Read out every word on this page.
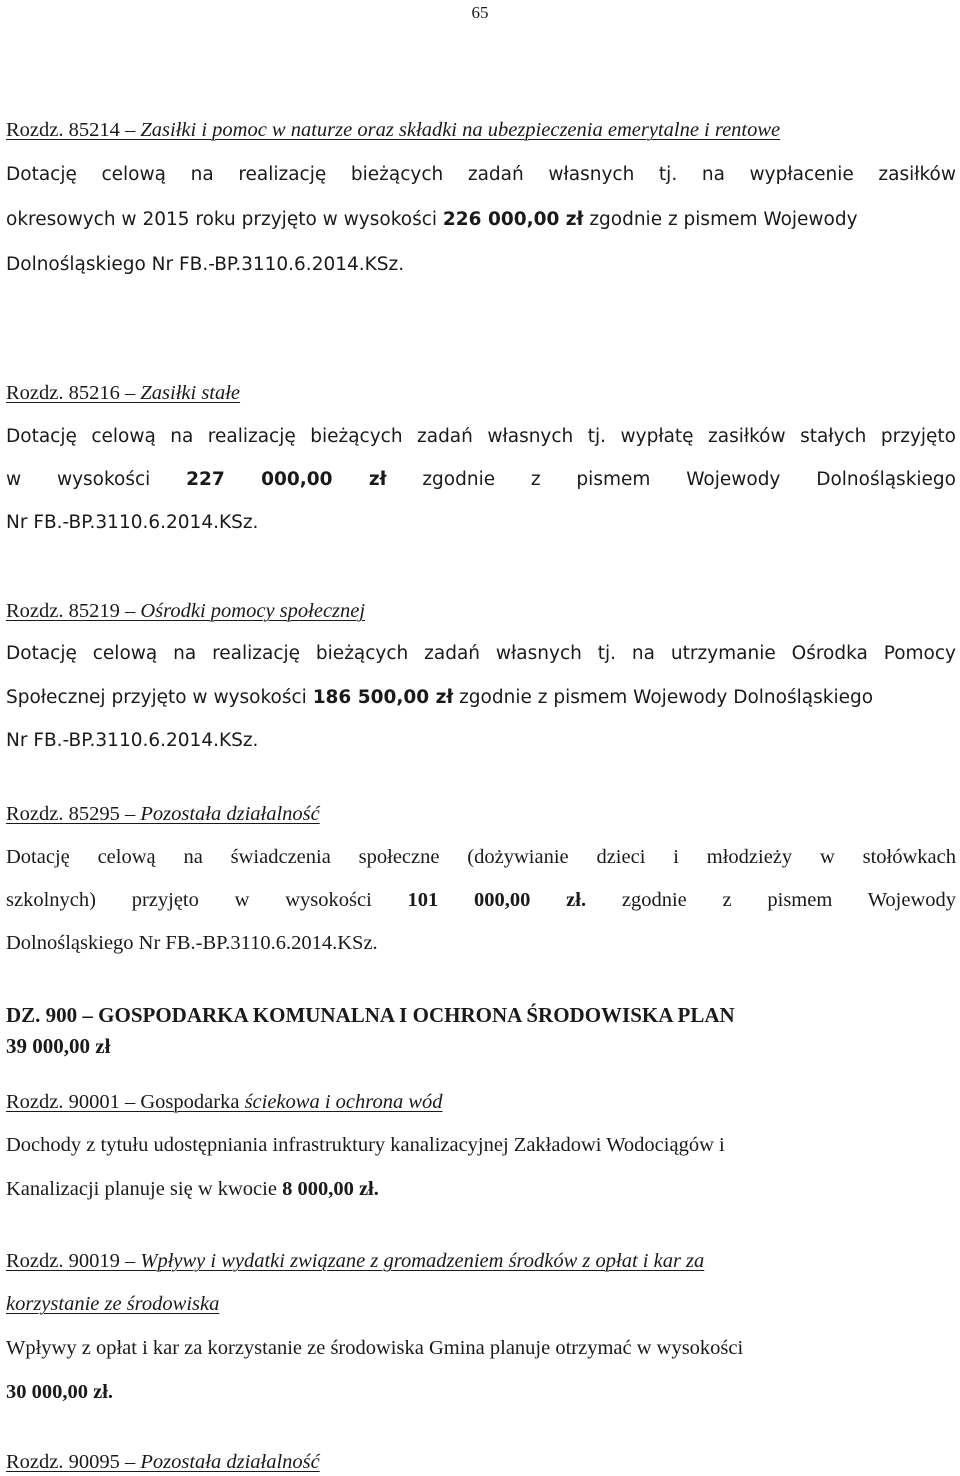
65
Rozdz. 85214 – Zasiłki i pomoc w naturze oraz składki na ubezpieczenia emerytalne i rentowe
Dotację celową na realizację bieżących zadań własnych tj. na wypłacenie zasiłków
okresowych w 2015 roku przyjęto w wysokości 226 000,00 zł zgodnie z pismem Wojewody
Dolnośląskiego Nr FB.-BP.3110.6.2014.KSz.
Rozdz. 85216 – Zasiłki stałe
Dotację celową na realizację bieżących zadań własnych tj. wypłatę zasiłków stałych przyjęto
w wysokości 227 000,00 zł zgodnie z pismem Wojewody Dolnośląskiego
Nr FB.-BP.3110.6.2014.KSz.
Rozdz. 85219 – Ośrodki pomocy społecznej
Dotację celową na realizację bieżących zadań własnych tj. na utrzymanie Ośrodka Pomocy
Społecznej przyjęto w wysokości 186 500,00 zł zgodnie z pismem Wojewody Dolnośląskiego
Nr FB.-BP.3110.6.2014.KSz.
Rozdz. 85295 – Pozostała działalność
Dotację celową na świadczenia społeczne (dożywianie dzieci i młodzieży w stołówkach
szkolnych) przyjęto w wysokości 101 000,00 zł. zgodnie z pismem Wojewody
Dolnośląskiego Nr FB.-BP.3110.6.2014.KSz.
DZ. 900 – GOSPODARKA KOMUNALNA I OCHRONA ŚRODOWISKA PLAN
39 000,00 zł
Rozdz. 90001 – Gospodarka ściekowa i ochrona wód
Dochody z tytułu udostępniania infrastruktury kanalizacyjnej Zakładowi Wodociągów i
Kanalizacji planuje się w kwocie 8 000,00 zł.
Rozdz. 90019 – Wpływy i wydatki związane z gromadzeniem środków z opłat i kar za
korzystanie ze środowiska
Wpływy z opłat i kar za korzystanie ze środowiska Gmina planuje otrzymać w wysokości
30 000,00 zł.
Rozdz. 90095 – Pozostała działalność
